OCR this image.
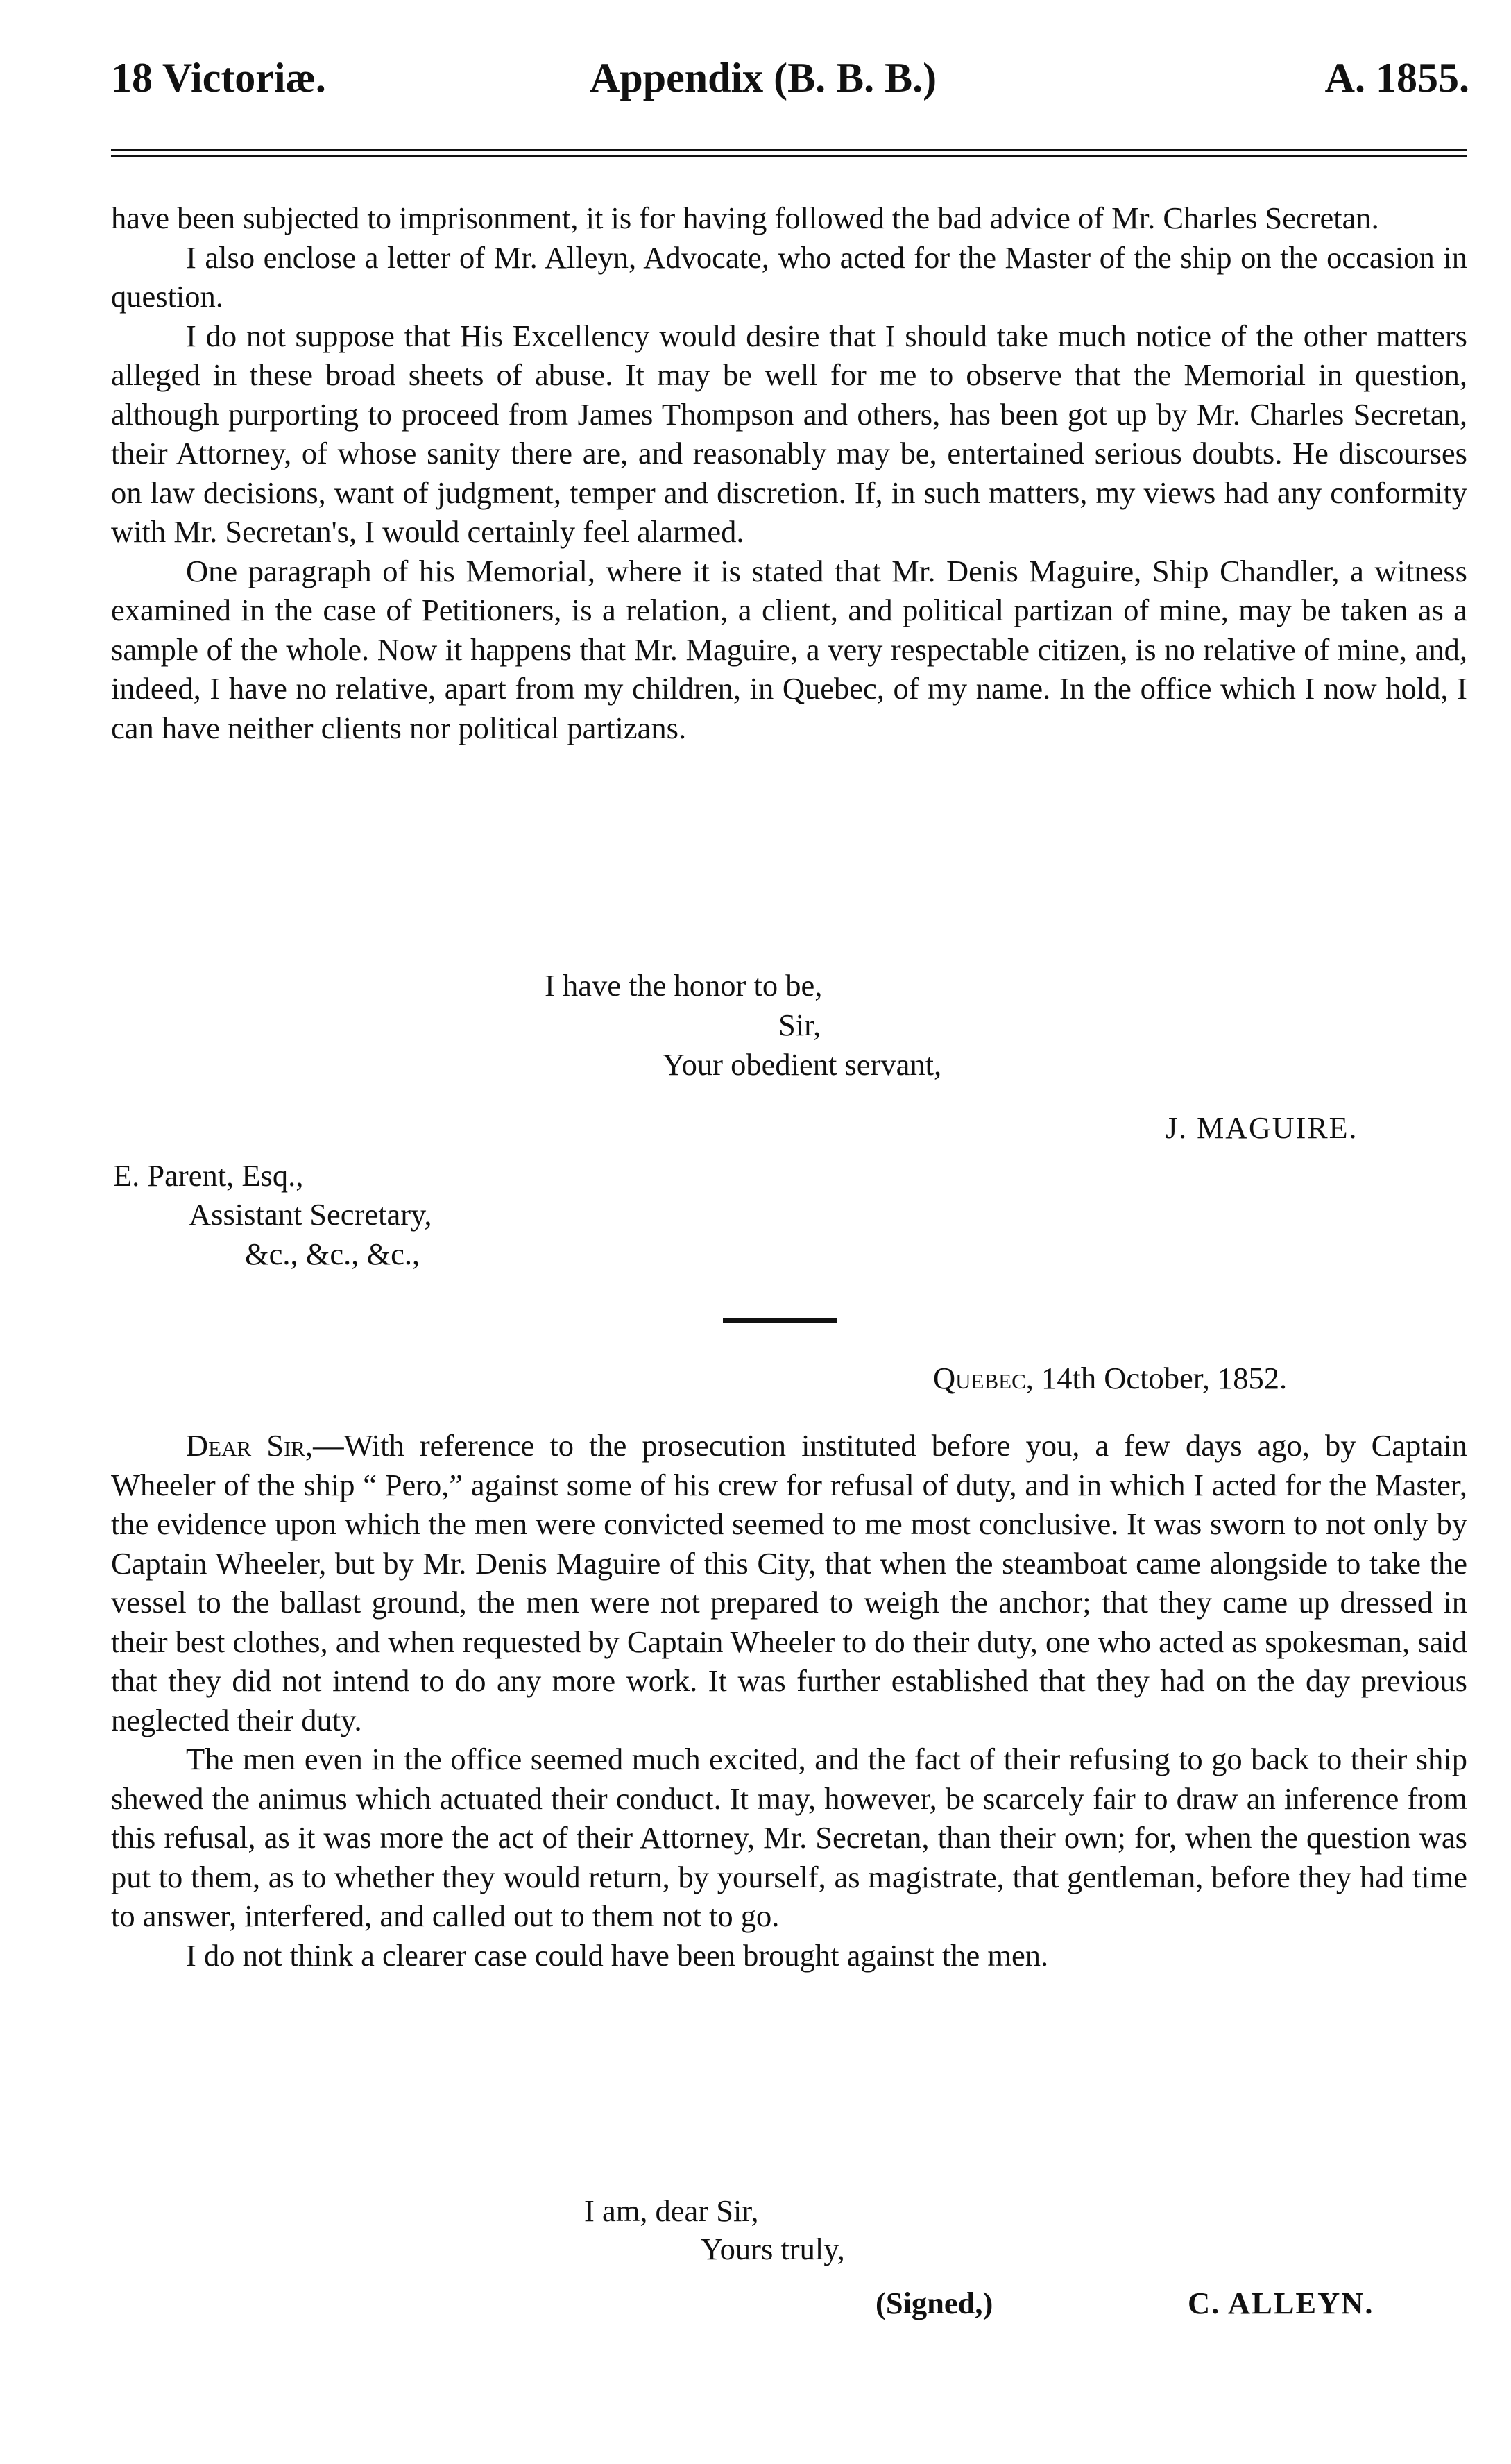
18 Victoriæ.	Appendix (B. B. B.)	A. 1855.

have been subjected to imprisonment, it is for having followed the bad advice of Mr. Charles Secretan.

I also enclose a letter of Mr. Alleyn, Advocate, who acted for the Master of the ship on the occasion in question.

I do not suppose that His Excellency would desire that I should take much notice of the other matters alleged in these broad sheets of abuse. It may be well for me to observe that the Memorial in question, although purporting to proceed from James Thompson and others, has been got up by Mr. Charles Secretan, their Attorney, of whose sanity there are, and reasonably may be, entertained serious doubts. He discourses on law decisions, want of judgment, temper and discretion. If, in such matters, my views had any conformity with Mr. Secretan's, I would certainly feel alarmed.

One paragraph of his Memorial, where it is stated that Mr. Denis Maguire, Ship Chandler, a witness examined in the case of Petitioners, is a relation, a client, and political partizan of mine, may be taken as a sample of the whole. Now it happens that Mr. Maguire, a very respectable citizen, is no relative of mine, and, indeed, I have no relative, apart from my children, in Quebec, of my name. In the office which I now hold, I can have neither clients nor political partizans.

I have the honor to be,
Sir,
Your obedient servant,
J. MAGUIRE.
E. Parent, Esq.,
Assistant Secretary,
&c., &c., &c.,
Quebec, 14th October, 1852.

Dear Sir,—With reference to the prosecution instituted before you, a few days ago, by Captain Wheeler of the ship “ Pero,” against some of his crew for refusal of duty, and in which I acted for the Master, the evidence upon which the men were convicted seemed to me most conclusive. It was sworn to not only by Captain Wheeler, but by Mr. Denis Maguire of this City, that when the steamboat came alongside to take the vessel to the ballast ground, the men were not prepared to weigh the anchor; that they came up dressed in their best clothes, and when requested by Captain Wheeler to do their duty, one who acted as spokesman, said that they did not intend to do any more work. It was further established that they had on the day previous neglected their duty.

The men even in the office seemed much excited, and the fact of their refusing to go back to their ship shewed the animus which actuated their conduct. It may, however, be scarcely fair to draw an inference from this refusal, as it was more the act of their Attorney, Mr. Secretan, than their own; for, when the question was put to them, as to whether they would return, by yourself, as magistrate, that gentleman, before they had time to answer, interfered, and called out to them not to go.

I do not think a clearer case could have been brought against the men.

I am, dear Sir,
Yours truly,
(Signed,)	C. ALLEYN.
